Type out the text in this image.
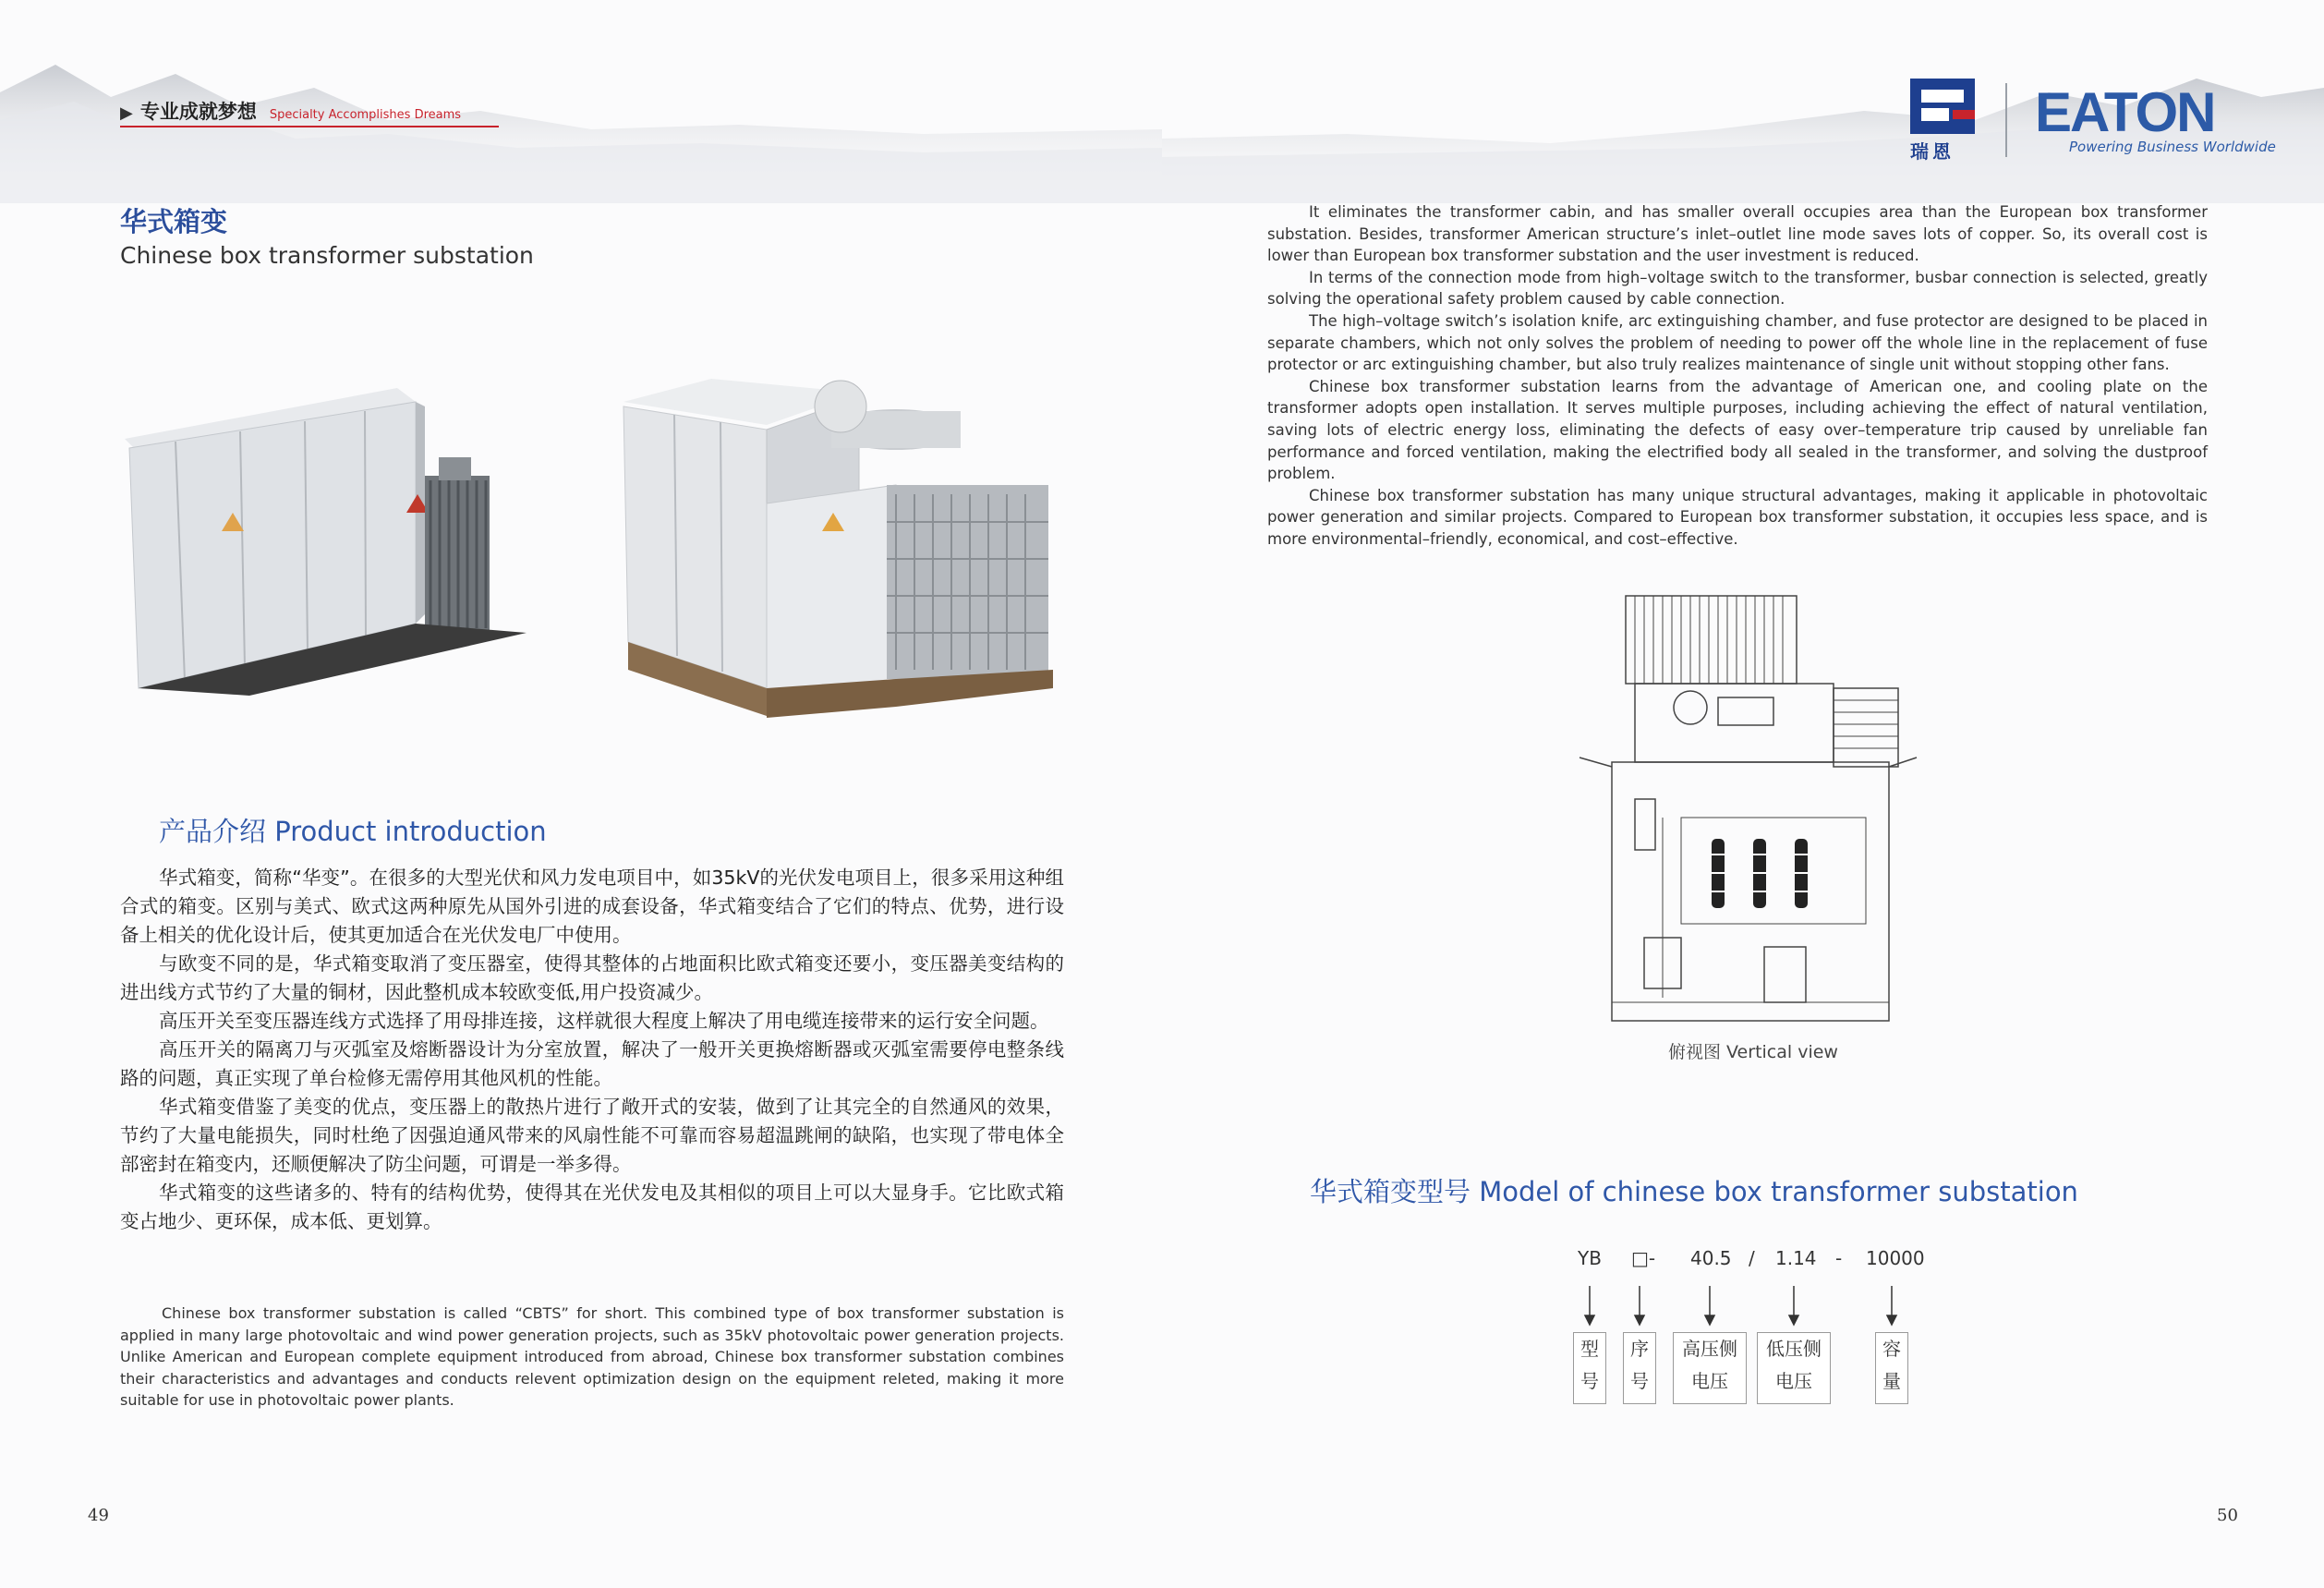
▶ 专业成就梦想 Specialty Accomplishes Dreams
华式箱变
Chinese box transformer substation
产品介绍 Product introduction

华式箱变，简称“华变”。在很多的大型光伏和风力发电项目中，如35kV的光伏发电项目上，很多采用这种组合式的箱变。区别与美式、欧式这两种原先从国外引进的成套设备，华式箱变结合了它们的特点、优势，进行设备上相关的优化设计后，使其更加适合在光伏发电厂中使用。

与欧变不同的是，华式箱变取消了变压器室，使得其整体的占地面积比欧式箱变还要小，变压器美变结构的进出线方式节约了大量的铜材，因此整机成本较欧变低,用户投资减少。

高压开关至变压器连线方式选择了用母排连接，这样就很大程度上解决了用电缆连接带来的运行安全问题。

高压开关的隔离刀与灭弧室及熔断器设计为分室放置，解决了一般开关更换熔断器或灭弧室需要停电整条线路的问题，真正实现了单台检修无需停用其他风机的性能。

华式箱变借鉴了美变的优点，变压器上的散热片进行了敞开式的安装，做到了让其完全的自然通风的效果，节约了大量电能损失，同时杜绝了因强迫通风带来的风扇性能不可靠而容易超温跳闸的缺陷，也实现了带电体全部密封在箱变内，还顺便解决了防尘问题，可谓是一举多得。

华式箱变的这些诸多的、特有的结构优势，使得其在光伏发电及其相似的项目上可以大显身手。它比欧式箱变占地少、更环保，成本低、更划算。

Chinese box transformer substation is called “CBTS” for short. This combined type of box transformer substation is applied in many large photovoltaic and wind power generation projects, such as 35kV photovoltaic power generation projects. Unlike American and European complete equipment introduced from abroad, Chinese box transformer substation combines their characteristics and advantages and conducts relevent optimization design on the equipment releted, making it more suitable for use in photovoltaic power plants.

49
瑞恩
EATON
Powering Business Worldwide
50

It eliminates the transformer cabin, and has smaller overall occupies area than the European box transformer substation. Besides, transformer American structure’s inlet–outlet line mode saves lots of copper. So, its overall cost is lower than European box transformer substation and the user investment is reduced.

In terms of the connection mode from high–voltage switch to the transformer, busbar connection is selected, greatly solving the operational safety problem caused by cable connection.

The high–voltage switch’s isolation knife, arc extinguishing chamber, and fuse protector are designed to be placed in separate chambers, which not only solves the problem of needing to power off the whole line in the replacement of fuse protector or arc extinguishing chamber, but also truly realizes maintenance of single unit without stopping other fans.

Chinese box transformer substation learns from the advantage of American one, and cooling plate on the transformer adopts open installation. It serves multiple purposes, including achieving the effect of natural ventilation, saving lots of electric energy loss, eliminating the defects of easy over–temperature trip caused by unreliable fan performance and forced ventilation, making the electrified body all sealed in the transformer, and solving the dustproof problem.

Chinese box transformer substation has many unique structural advantages, making it applicable in photovoltaic power generation and similar projects. Compared to European box transformer substation, it occupies less space, and is more environmental–friendly, economical, and cost–effective.

俯视图 Vertical view
华式箱变型号 Model of chinese box transformer substation
YB □- 40.5 / 1.14 - 10000
型
号
序
号
高压侧
电压
低压侧
电压
容
量
